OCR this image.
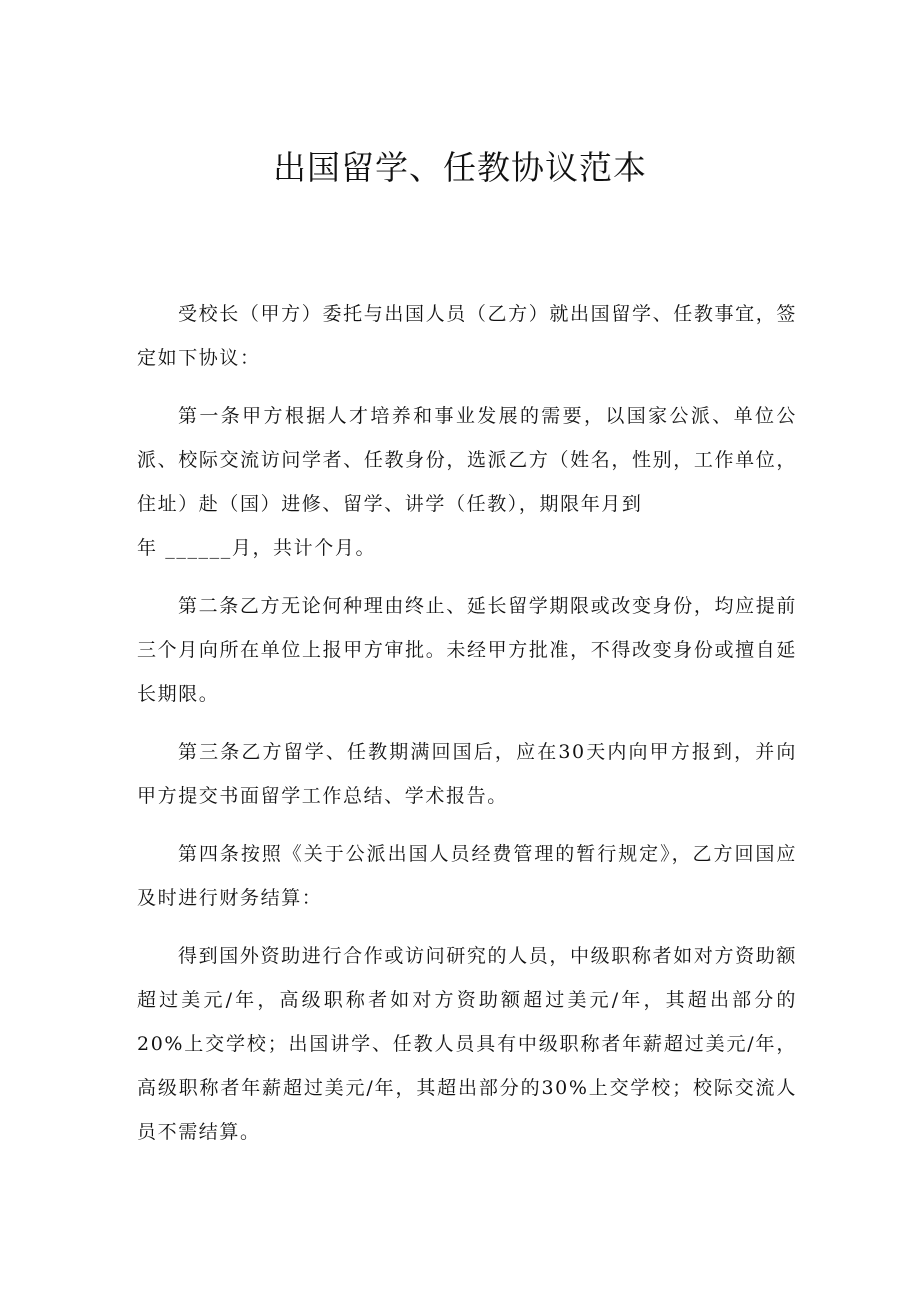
出国留学、任教协议范本

受校长（甲方）委托与出国人员（乙方）就出国留学、任教事宜，签定如下协议：

第一条甲方根据人才培养和事业发展的需要，以国家公派、单位公派、校际交流访问学者、任教身份，选派乙方（姓名，性别，工作单位，住址）赴（国）进修、留学、讲学（任教），期限年月到

年 ______月，共计个月。

第二条乙方无论何种理由终止、延长留学期限或改变身份，均应提前三个月向所在单位上报甲方审批。未经甲方批准，不得改变身份或擅自延长期限。

第三条乙方留学、任教期满回国后，应在30天内向甲方报到，并向甲方提交书面留学工作总结、学术报告。

第四条按照《关于公派出国人员经费管理的暂行规定》，乙方回国应及时进行财务结算：

得到国外资助进行合作或访问研究的人员，中级职称者如对方资助额超过美元/年，高级职称者如对方资助额超过美元/年，其超出部分的20%上交学校；出国讲学、任教人员具有中级职称者年薪超过美元/年，高级职称者年薪超过美元/年，其超出部分的30%上交学校；校际交流人员不需结算。
